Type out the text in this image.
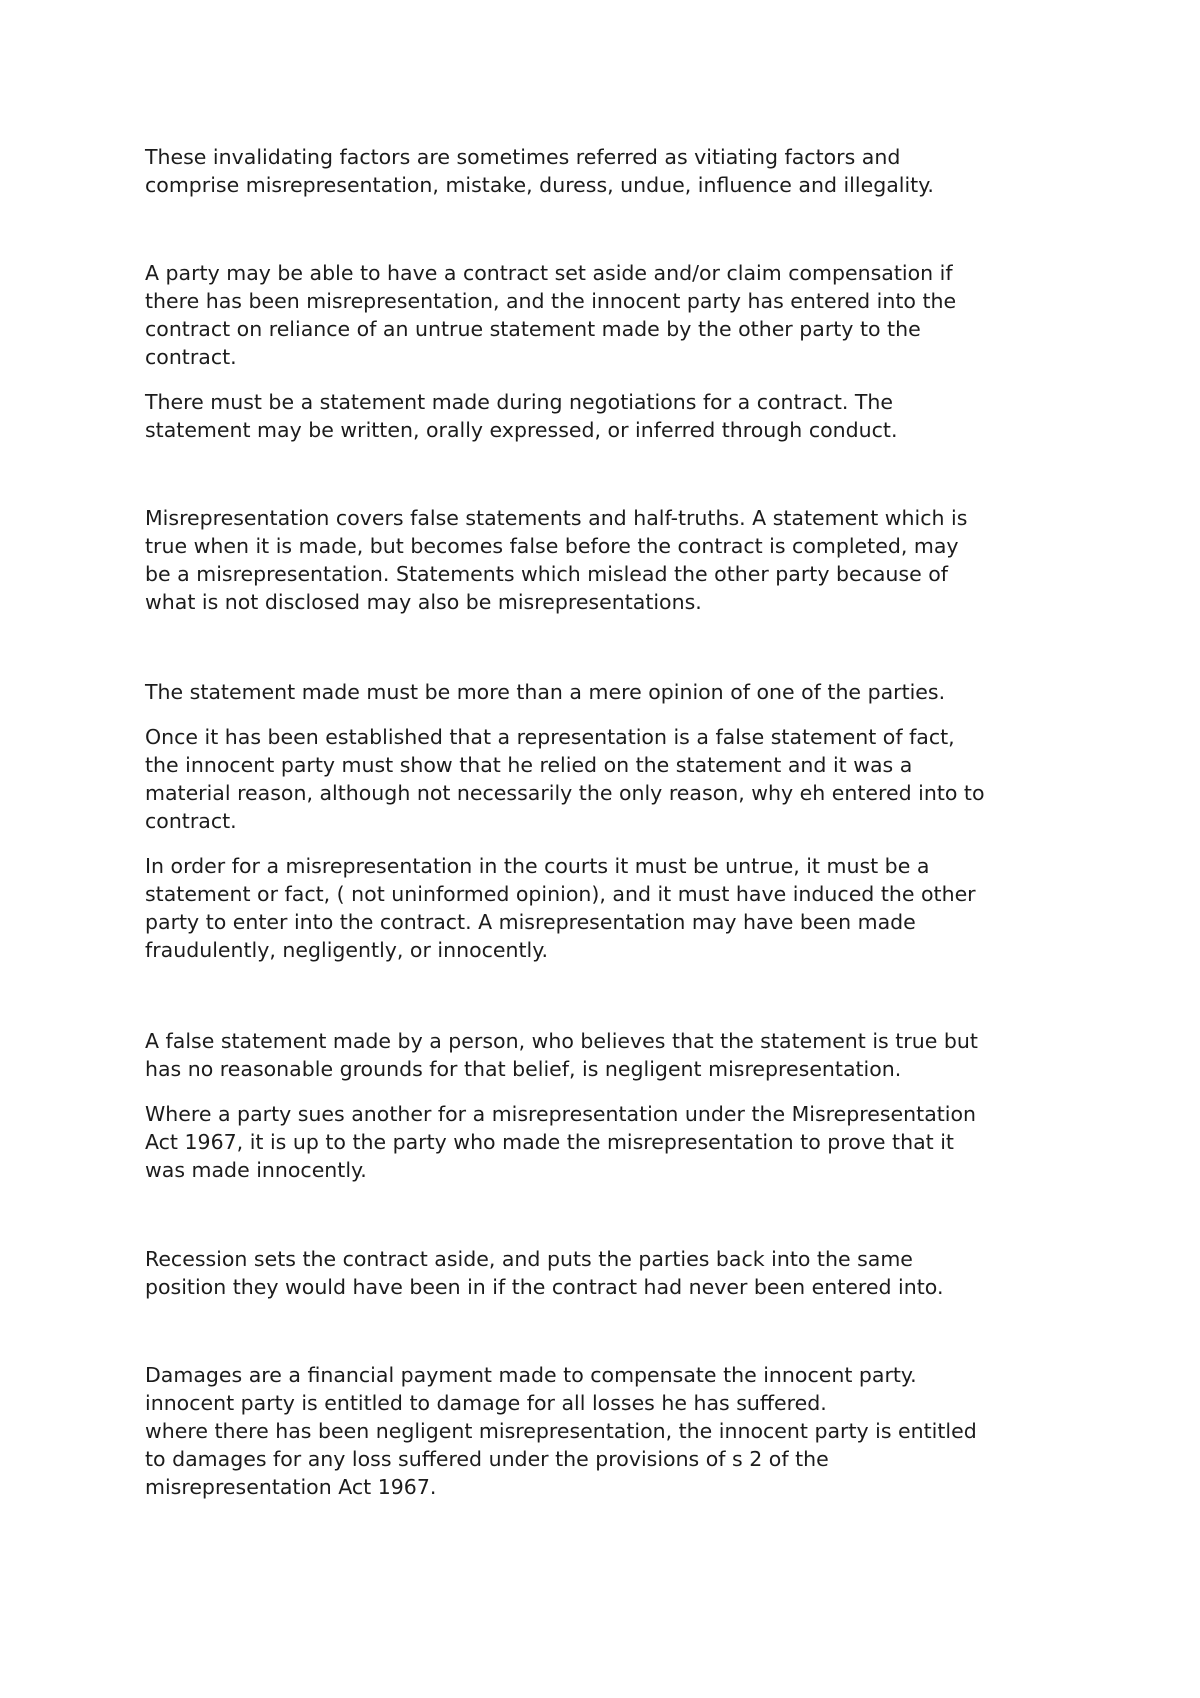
These invalidating factors are sometimes referred as vitiating factors and
comprise misrepresentation, mistake, duress, undue, influence and illegality.

A party may be able to have a contract set aside and/or claim compensation if
there has been misrepresentation, and the innocent party has entered into the
contract on reliance of an untrue statement made by the other party to the
contract.

There must be a statement made during negotiations for a contract. The
statement may be written, orally expressed, or inferred through conduct.

Misrepresentation covers false statements and half-truths. A statement which is
true when it is made, but becomes false before the contract is completed, may
be a misrepresentation. Statements which mislead the other party because of
what is not disclosed may also be misrepresentations.

The statement made must be more than a mere opinion of one of the parties.

Once it has been established that a representation is a false statement of fact,
the innocent party must show that he relied on the statement and it was a
material reason, although not necessarily the only reason, why eh entered into to
contract.

In order for a misrepresentation in the courts it must be untrue, it must be a
statement or fact, ( not uninformed opinion), and it must have induced the other
party to enter into the contract. A misrepresentation may have been made
fraudulently, negligently, or innocently.

A false statement made by a person, who believes that the statement is true but
has no reasonable grounds for that belief, is negligent misrepresentation.

Where a party sues another for a misrepresentation under the Misrepresentation
Act 1967, it is up to the party who made the misrepresentation to prove that it
was made innocently.

Recession sets the contract aside, and puts the parties back into the same
position they would have been in if the contract had never been entered into.

Damages are a financial payment made to compensate the innocent party.
innocent party is entitled to damage for all losses he has suffered.
where there has been negligent misrepresentation, the innocent party is entitled
to damages for any loss suffered under the provisions of s 2 of the
misrepresentation Act 1967.
